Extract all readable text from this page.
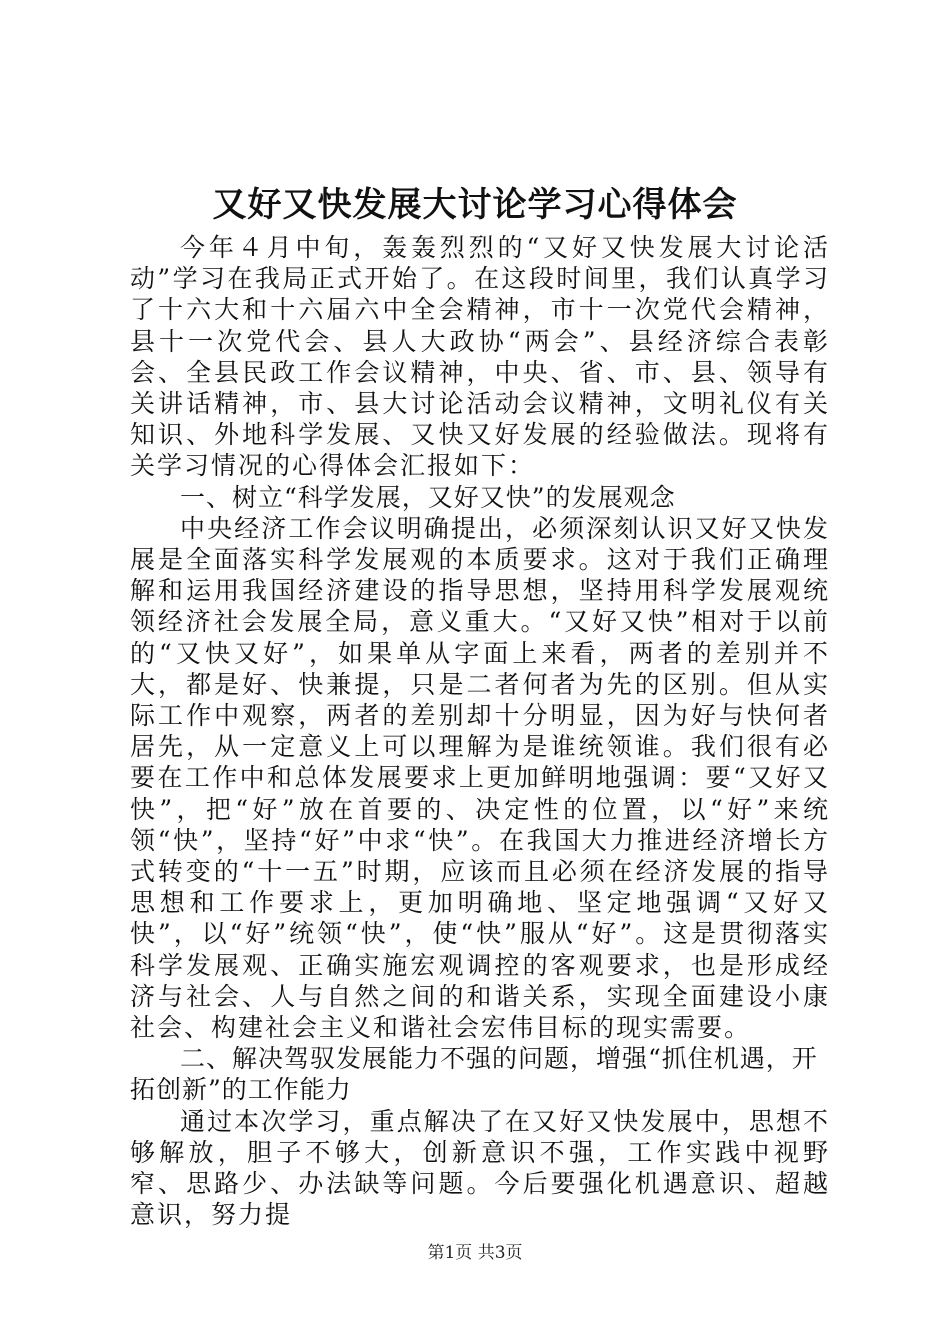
又好又快发展大讨论学习心得体会

今年４月中旬，轰轰烈烈的“又好又快发展大讨论活动”学习在我局正式开始了。在这段时间里，我们认真学习了十六大和十六届六中全会精神，市十一次党代会精神，县十一次党代会、县人大政协“两会”、县经济综合表彰会、全县民政工作会议精神，中央、省、市、县、领导有关讲话精神，市、县大讨论活动会议精神，文明礼仪有关知识、外地科学发展、又快又好发展的经验做法。现将有关学习情况的心得体会汇报如下：

一、树立“科学发展，又好又快”的发展观念

中央经济工作会议明确提出，必须深刻认识又好又快发展是全面落实科学发展观的本质要求。这对于我们正确理解和运用我国经济建设的指导思想，坚持用科学发展观统领经济社会发展全局，意义重大。“又好又快”相对于以前的“又快又好”，如果单从字面上来看，两者的差别并不大，都是好、快兼提，只是二者何者为先的区别。但从实际工作中观察，两者的差别却十分明显，因为好与快何者居先，从一定意义上可以理解为是谁统领谁。我们很有必要在工作中和总体发展要求上更加鲜明地强调：要“又好又快”，把“好”放在首要的、决定性的位置，以“好”来统领“快”，坚持“好”中求“快”。在我国大力推进经济增长方式转变的“十一五”时期，应该而且必须在经济发展的指导思想和工作要求上，更加明确地、坚定地强调“又好又快”，以“好”统领“快”，使“快”服从“好”。这是贯彻落实科学发展观、正确实施宏观调控的客观要求，也是形成经济与社会、人与自然之间的和谐关系，实现全面建设小康社会、构建社会主义和谐社会宏伟目标的现实需要。

二、解决驾驭发展能力不强的问题，增强“抓住机遇，开拓创新”的工作能力

通过本次学习，重点解决了在又好又快发展中，思想不够解放，胆子不够大，创新意识不强，工作实践中视野窄、思路少、办法缺等问题。今后要强化机遇意识、超越意识，努力提

第1页 共3页
